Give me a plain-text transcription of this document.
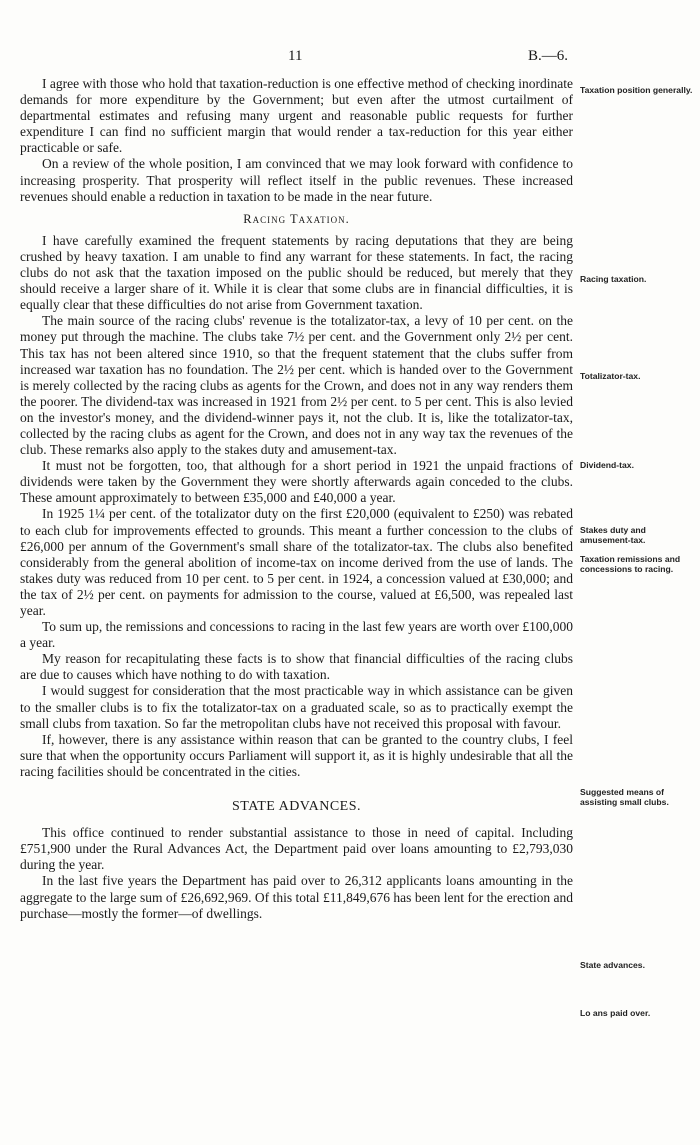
11	B.—6.

I agree with those who hold that taxation-reduction is one effective method of checking inordinate demands for more expenditure by the Government; but even after the utmost curtailment of departmental estimates and refusing many urgent and reasonable public requests for further expenditure I can find no sufficient margin that would render a tax-reduction for this year either practicable or safe.

On a review of the whole position, I am convinced that we may look forward with confidence to increasing prosperity. That prosperity will reflect itself in the public revenues. These increased revenues should enable a reduction in taxation to be made in the near future.

Racing Taxation.

I have carefully examined the frequent statements by racing deputations that they are being crushed by heavy taxation. I am unable to find any warrant for these statements. In fact, the racing clubs do not ask that the taxation imposed on the public should be reduced, but merely that they should receive a larger share of it. While it is clear that some clubs are in financial difficulties, it is equally clear that these difficulties do not arise from Government taxation.

The main source of the racing clubs' revenue is the totalizator-tax, a levy of 10 per cent. on the money put through the machine. The clubs take 7½ per cent. and the Government only 2½ per cent. This tax has not been altered since 1910, so that the frequent statement that the clubs suffer from increased war taxation has no foundation. The 2½ per cent. which is handed over to the Government is merely collected by the racing clubs as agents for the Crown, and does not in any way renders them the poorer. The dividend-tax was increased in 1921 from 2½ per cent. to 5 per cent. This is also levied on the investor's money, and the dividend-winner pays it, not the club. It is, like the totalizator-tax, collected by the racing clubs as agent for the Crown, and does not in any way tax the revenues of the club. These remarks also apply to the stakes duty and amusement-tax.

It must not be forgotten, too, that although for a short period in 1921 the unpaid fractions of dividends were taken by the Government they were shortly afterwards again conceded to the clubs. These amount approximately to between £35,000 and £40,000 a year.

In 1925 1¼ per cent. of the totalizator duty on the first £20,000 (equivalent to £250) was rebated to each club for improvements effected to grounds. This meant a further concession to the clubs of £26,000 per annum of the Government's small share of the totalizator-tax. The clubs also benefited considerably from the general abolition of income-tax on income derived from the use of lands. The stakes duty was reduced from 10 per cent. to 5 per cent. in 1924, a concession valued at £30,000; and the tax of 2½ per cent. on payments for admission to the course, valued at £6,500, was repealed last year.

To sum up, the remissions and concessions to racing in the last few years are worth over £100,000 a year.

My reason for recapitulating these facts is to show that financial difficulties of the racing clubs are due to causes which have nothing to do with taxation.

I would suggest for consideration that the most practicable way in which assistance can be given to the smaller clubs is to fix the totalizator-tax on a graduated scale, so as to practically exempt the small clubs from taxation. So far the metropolitan clubs have not received this proposal with favour.

If, however, there is any assistance within reason that can be granted to the country clubs, I feel sure that when the opportunity occurs Parliament will support it, as it is highly undesirable that all the racing facilities should be concentrated in the cities.

STATE ADVANCES.

This office continued to render substantial assistance to those in need of capital. Including £751,900 under the Rural Advances Act, the Department paid over loans amounting to £2,793,030 during the year.

In the last five years the Department has paid over to 26,312 applicants loans amounting in the aggregate to the large sum of £26,692,969. Of this total £11,849,676 has been lent for the erection and purchase—mostly the former—of dwellings.

Taxation position generally.
Racing taxation.
Totalizator-tax.
Dividend-tax.
Stakes duty and amusement-tax.
Taxation remissions and concessions to racing.
Suggested means of assisting small clubs.
State advances.
Lo ans paid over.
